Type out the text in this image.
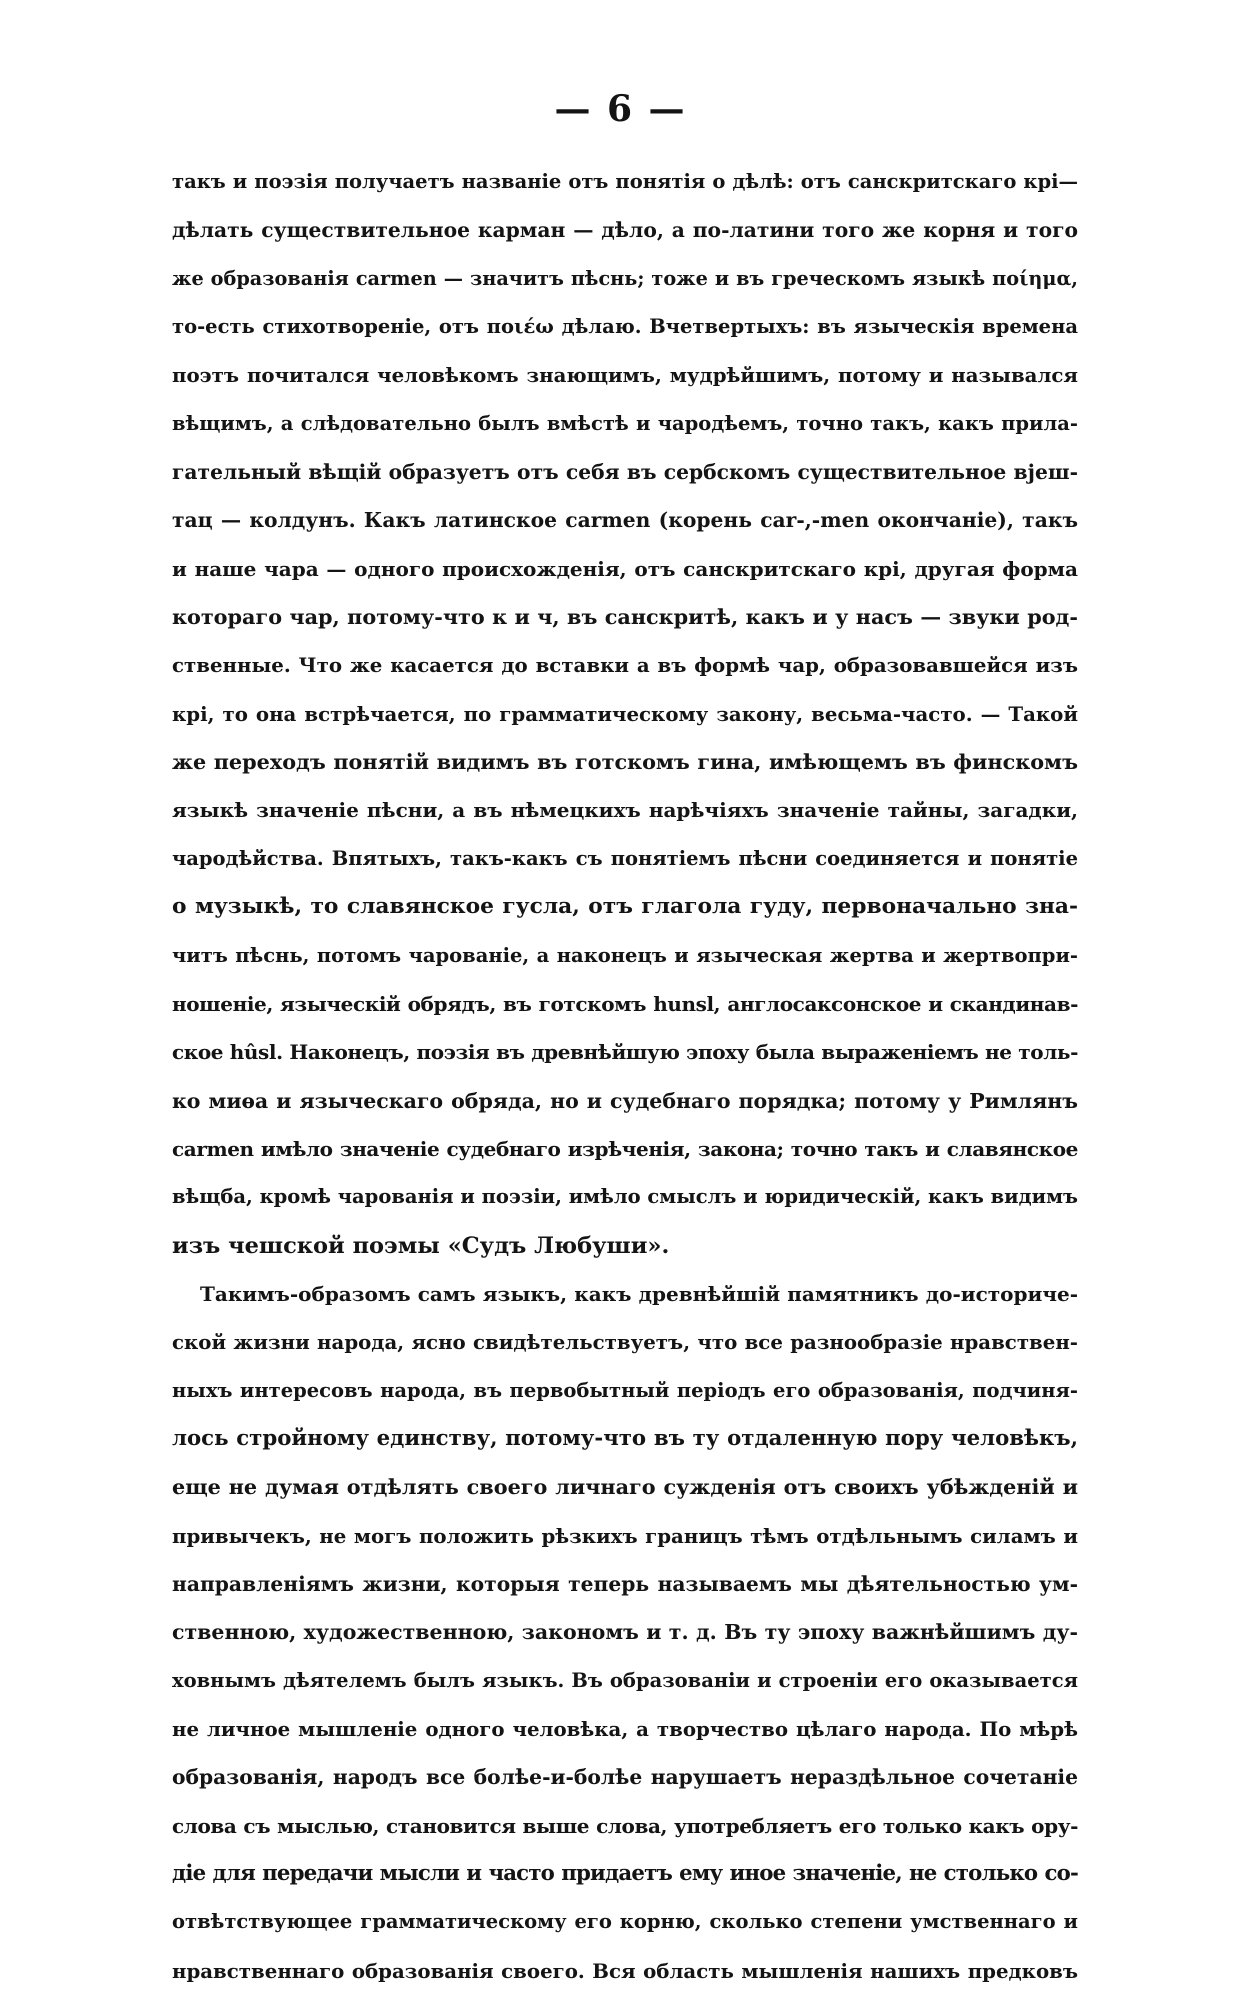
— 6 —
такъ и поэзія получаетъ названіе отъ понятія о дѣлѣ: отъ санскритскаго крі—
дѣлать существительное карман — дѣло, а по-латини того же корня и того
же образованія carmen — значитъ пѣснь; тоже и въ греческомъ языкѣ ποίημα,
то-есть стихотвореніе, отъ ποιέω дѣлаю. Вчетвертыхъ: въ языческія времена
поэтъ почитался человѣкомъ знающимъ, мудрѣйшимъ, потому и назывался
вѣщимъ, а слѣдовательно былъ вмѣстѣ и чародѣемъ, точно такъ, какъ прила-
гательный вѣщій образуетъ отъ себя въ сербскомъ существительное вјеш-
тац — колдунъ. Какъ латинское carmen (корень car-,-men окончаніе), такъ
и наше чара — одного происхожденія, отъ санскритскаго крі, другая форма
котораго чар, потому-что к и ч, въ санскритѣ, какъ и у насъ — звуки род-
ственные. Что же касается до вставки а въ формѣ чар, образовавшейся изъ
крі, то она встрѣчается, по грамматическому закону, весьма-часто. — Такой
же переходъ понятій видимъ въ готскомъ гина, имѣющемъ въ финскомъ
языкѣ значеніе пѣсни, а въ нѣмецкихъ нарѣчіяхъ значеніе тайны, загадки,
чародѣйства. Впятыхъ, такъ-какъ съ понятіемъ пѣсни соединяется и понятіе
о музыкѣ, то славянское гусла, отъ глагола гуду, первоначально зна-
читъ пѣснь, потомъ чарованіе, а наконецъ и языческая жертва и жертвопри-
ношеніе, языческій обрядъ, въ готскомъ hunsl, англосаксонское и скандинав-
ское hûsl. Наконецъ, поэзія въ древнѣйшую эпоху была выраженіемъ не толь-
ко миѳа и языческаго обряда, но и судебнаго порядка; потому у Римлянъ
carmen имѣло значеніе судебнаго изрѣченія, закона; точно такъ и славянское
вѣщба, кромѣ чарованія и поэзіи, имѣло смыслъ и юридическій, какъ видимъ
изъ чешской поэмы «Судъ Любуши».
Такимъ-образомъ самъ языкъ, какъ древнѣйшій памятникъ до-историче-
ской жизни народа, ясно свидѣтельствуетъ, что все разнообразіе нравствен-
ныхъ интересовъ народа, въ первобытный періодъ его образованія, подчиня-
лось стройному единству, потому-что въ ту отдаленную пору человѣкъ,
еще не думая отдѣлять своего личнаго сужденія отъ своихъ убѣжденій и
привычекъ, не могъ положить рѣзкихъ границъ тѣмъ отдѣльнымъ силамъ и
направленіямъ жизни, которыя теперь называемъ мы дѣятельностью ум-
ственною, художественною, закономъ и т. д. Въ ту эпоху важнѣйшимъ ду-
ховнымъ дѣятелемъ былъ языкъ. Въ образованіи и строеніи его оказывается
не личное мышленіе одного человѣка, а творчество цѣлаго народа. По мѣрѣ
образованія, народъ все болѣе-и-болѣе нарушаетъ нераздѣльное сочетаніе
слова съ мыслью, становится выше слова, употребляетъ его только какъ ору-
діе для передачи мысли и часто придаетъ ему иное значеніе, не столько со-
отвѣтствующее грамматическому его корню, сколько степени умственнаго и
нравственнаго образованія своего. Вся область мышленія нашихъ предковъ
